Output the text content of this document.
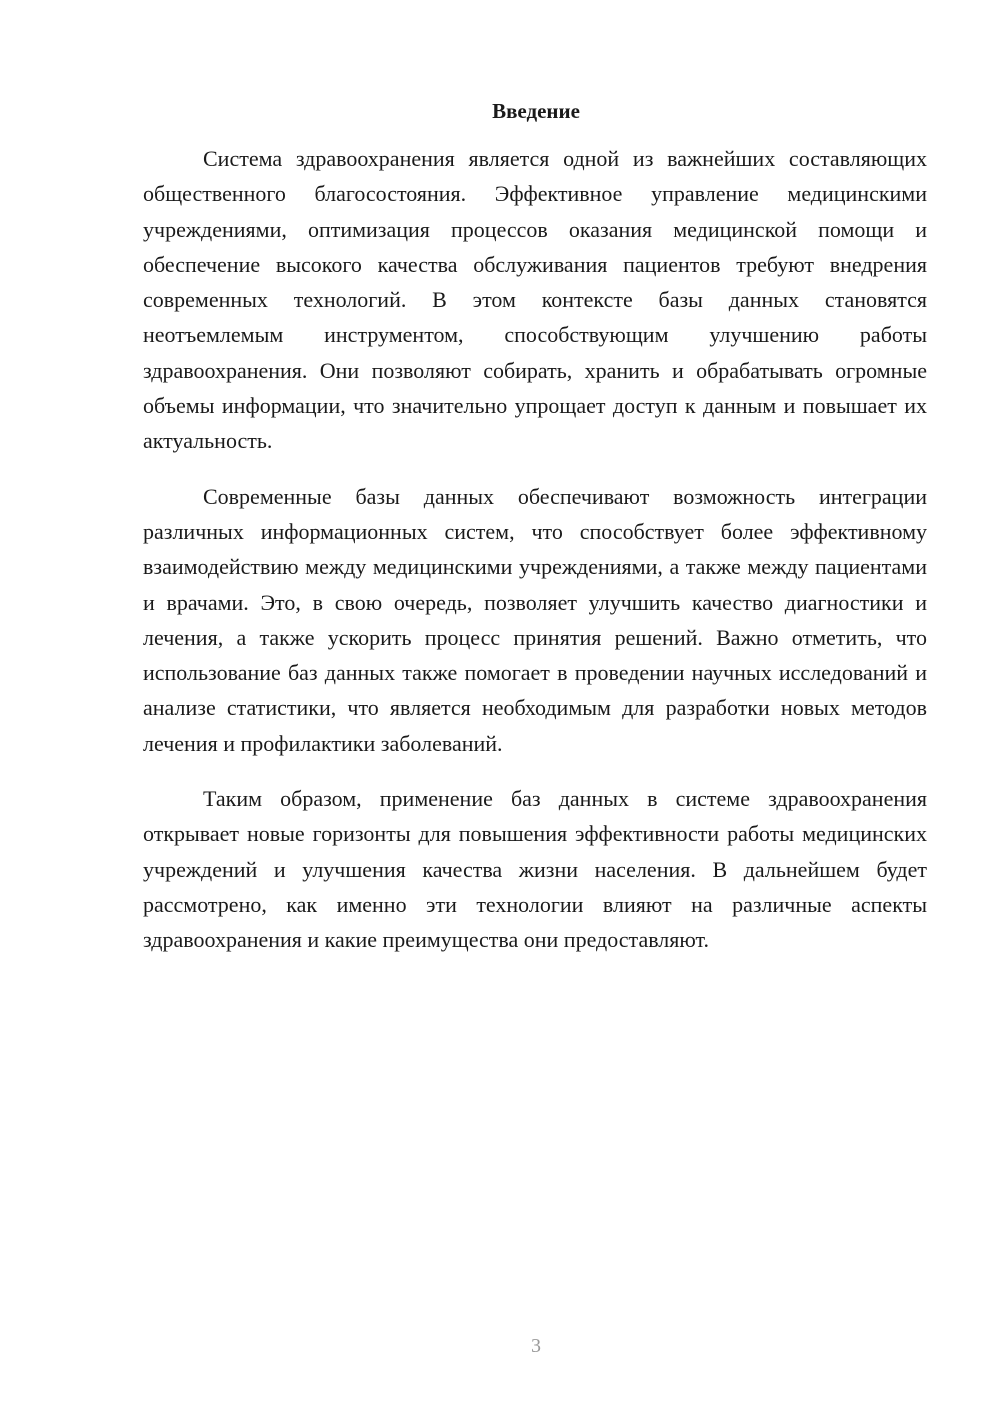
Введение

Система здравоохранения является одной из важнейших составляющих общественного благосостояния. Эффективное управление медицинскими учреждениями, оптимизация процессов оказания медицинской помощи и обеспечение высокого качества обслуживания пациентов требуют внедрения современных технологий. В этом контексте базы данных становятся неотъемлемым инструментом, способствующим улучшению работы здравоохранения. Они позволяют собирать, хранить и обрабатывать огромные объемы информации, что значительно упрощает доступ к данным и повышает их актуальность.

Современные базы данных обеспечивают возможность интеграции различных информационных систем, что способствует более эффективному взаимодействию между медицинскими учреждениями, а также между пациентами и врачами. Это, в свою очередь, позволяет улучшить качество диагностики и лечения, а также ускорить процесс принятия решений. Важно отметить, что использование баз данных также помогает в проведении научных исследований и анализе статистики, что является необходимым для разработки новых методов лечения и профилактики заболеваний.

Таким образом, применение баз данных в системе здравоохранения открывает новые горизонты для повышения эффективности работы медицинских учреждений и улучшения качества жизни населения. В дальнейшем будет рассмотрено, как именно эти технологии влияют на различные аспекты здравоохранения и какие преимущества они предоставляют.

3
